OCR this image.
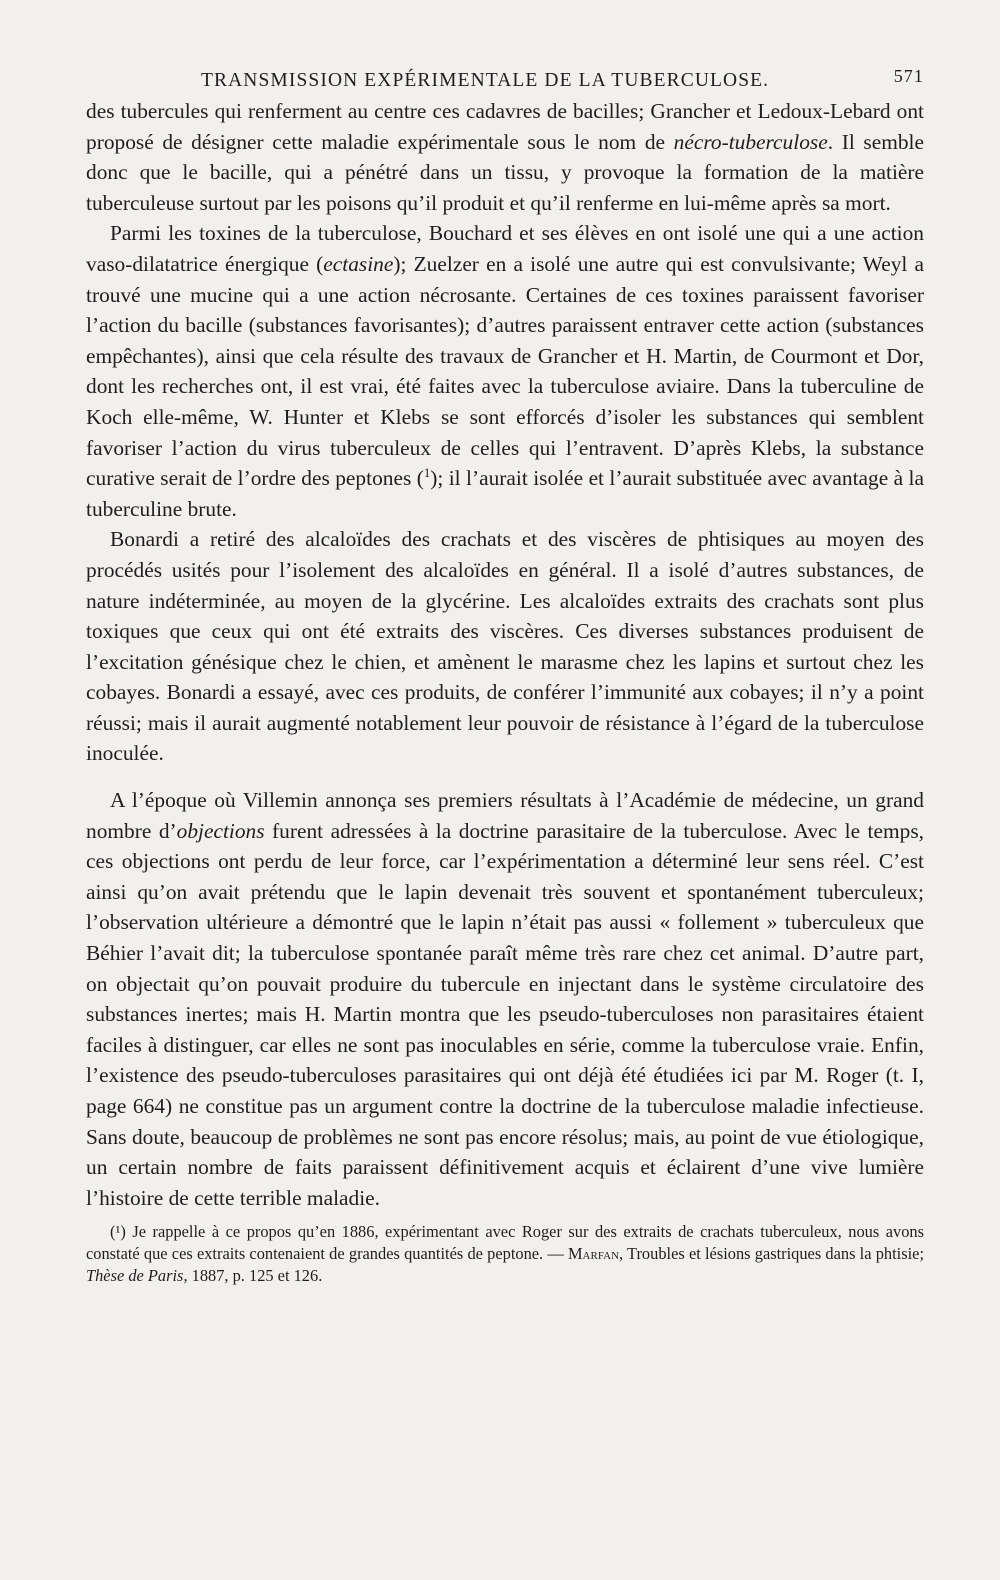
TRANSMISSION EXPÉRIMENTALE DE LA TUBERCULOSE.	571

des tubercules qui renferment au centre ces cadavres de bacilles; Grancher et Ledoux-Lebard ont proposé de désigner cette maladie expérimentale sous le nom de nécro-tuberculose. Il semble donc que le bacille, qui a pénétré dans un tissu, y provoque la formation de la matière tuberculeuse surtout par les poisons qu’il produit et qu’il renferme en lui-même après sa mort.

Parmi les toxines de la tuberculose, Bouchard et ses élèves en ont isolé une qui a une action vaso-dilatatrice énergique (ectasine); Zuelzer en a isolé une autre qui est convulsivante; Weyl a trouvé une mucine qui a une action nécrosante. Certaines de ces toxines paraissent favoriser l’action du bacille (substances favorisantes); d’autres paraissent entraver cette action (substances empêchantes), ainsi que cela résulte des travaux de Grancher et H. Martin, de Courmont et Dor, dont les recherches ont, il est vrai, été faites avec la tuberculose aviaire. Dans la tuberculine de Koch elle-même, W. Hunter et Klebs se sont efforcés d’isoler les substances qui semblent favoriser l’action du virus tuberculeux de celles qui l’entravent. D’après Klebs, la substance curative serait de l’ordre des peptones ($^1$); il l’aurait isolée et l’aurait substituée avec avantage à la tuberculine brute.

Bonardi a retiré des alcaloïdes des crachats et des viscères de phtisiques au moyen des procédés usités pour l’isolement des alcaloïdes en général. Il a isolé d’autres substances, de nature indéterminée, au moyen de la glycérine. Les alcaloïdes extraits des crachats sont plus toxiques que ceux qui ont été extraits des viscères. Ces diverses substances produisent de l’excitation génésique chez le chien, et amènent le marasme chez les lapins et surtout chez les cobayes. Bonardi a essayé, avec ces produits, de conférer l’immunité aux cobayes; il n’y a point réussi; mais il aurait augmenté notablement leur pouvoir de résistance à l’égard de la tuberculose inoculée.

A l’époque où Villemin annonça ses premiers résultats à l’Académie de médecine, un grand nombre d’objections furent adressées à la doctrine parasitaire de la tuberculose. Avec le temps, ces objections ont perdu de leur force, car l’expérimentation a déterminé leur sens réel. C’est ainsi qu’on avait prétendu que le lapin devenait très souvent et spontanément tuberculeux; l’observation ultérieure a démontré que le lapin n’était pas aussi « follement » tuberculeux que Béhier l’avait dit; la tuberculose spontanée paraît même très rare chez cet animal. D’autre part, on objectait qu’on pouvait produire du tubercule en injectant dans le système circulatoire des substances inertes; mais H. Martin montra que les pseudo-tuberculoses non parasitaires étaient faciles à distinguer, car elles ne sont pas inoculables en série, comme la tuberculose vraie. Enfin, l’existence des pseudo-tuberculoses parasitaires qui ont déjà été étudiées ici par M. Roger (t. I, page 664) ne constitue pas un argument contre la doctrine de la tuberculose maladie infectieuse. Sans doute, beaucoup de problèmes ne sont pas encore résolus; mais, au point de vue étiologique, un certain nombre de faits paraissent définitivement acquis et éclairent d’une vive lumière l’histoire de cette terrible maladie.

(¹) Je rappelle à ce propos qu’en 1886, expérimentant avec Roger sur des extraits de crachats tuberculeux, nous avons constaté que ces extraits contenaient de grandes quantités de peptone. — Marfan, Troubles et lésions gastriques dans la phtisie; Thèse de Paris, 1887, p. 125 et 126.
